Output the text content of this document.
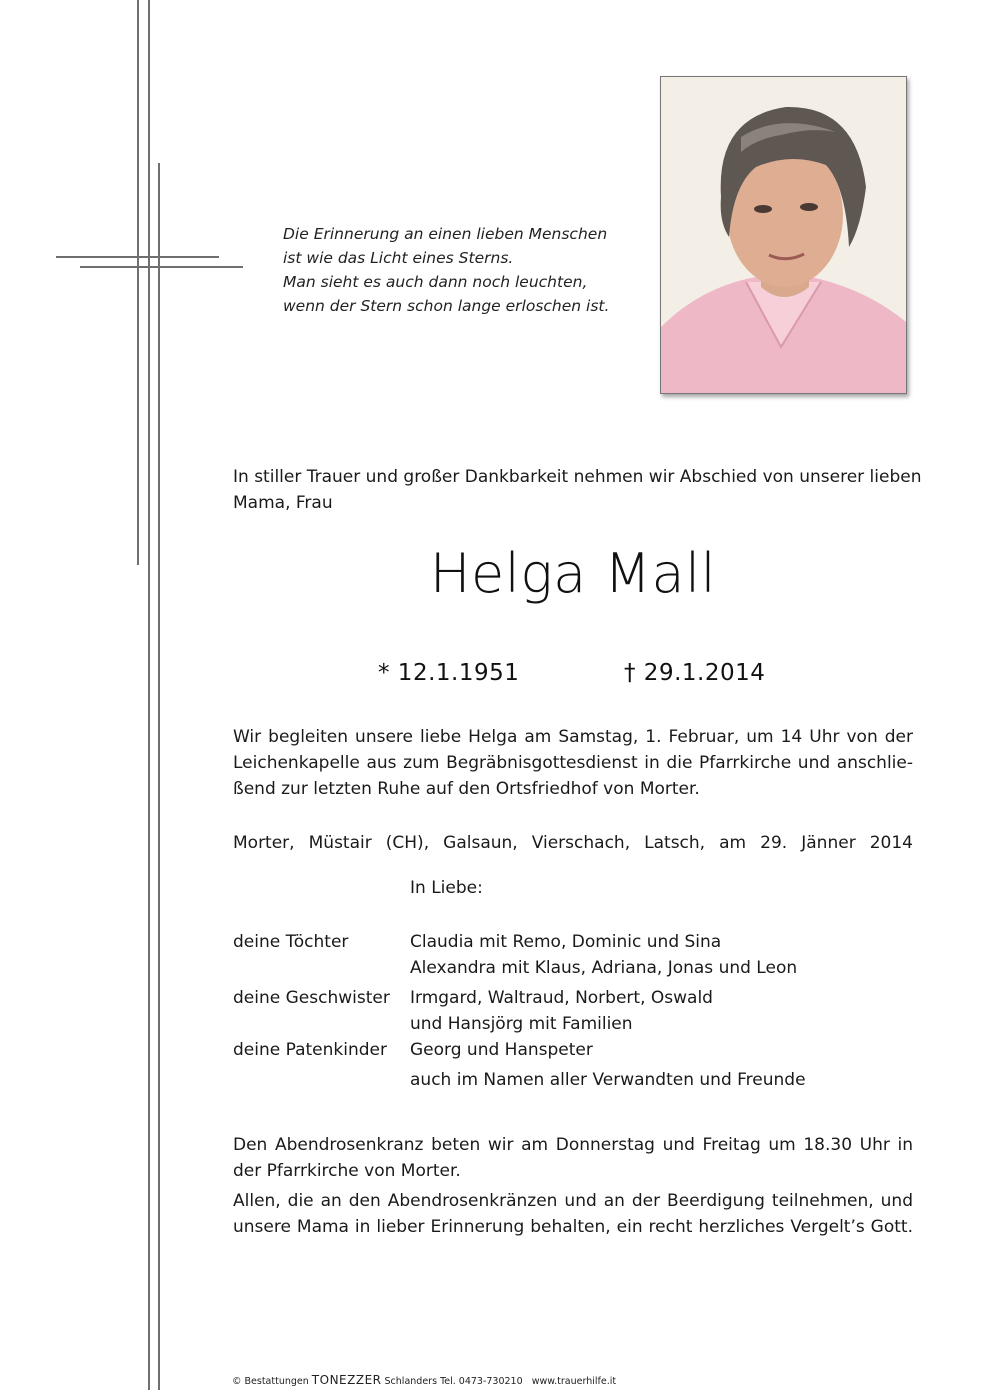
Die Erinnerung an einen lieben Menschen
ist wie das Licht eines Sterns.
Man sieht es auch dann noch leuchten,
wenn der Stern schon lange erloschen ist.
In stiller Trauer und großer Dankbarkeit nehmen wir Abschied von unserer lieben
Mama, Frau
Helga Mall
* 12.1.1951	† 29.1.2014
Wir begleiten unsere liebe Helga am Samstag, 1. Februar, um 14 Uhr von der
Leichenkapelle aus zum Begräbnisgottesdienst in die Pfarrkirche und anschlie-
ßend zur letzten Ruhe auf den Ortsfriedhof von Morter.
Morter, Müstair (CH), Galsaun, Vierschach, Latsch, am 29. Jänner 2014
In Liebe:
deine Töchter	Claudia mit Remo, Dominic und Sina
Alexandra mit Klaus, Adriana, Jonas und Leon
deine Geschwister Irmgard, Waltraud, Norbert, Oswald
und Hansjörg mit Familien
deine Patenkinder Georg und Hanspeter
auch im Namen aller Verwandten und Freunde
Den Abendrosenkranz beten wir am Donnerstag und Freitag um 18.30 Uhr in
der Pfarrkirche von Morter.
Allen, die an den Abendrosenkränzen und an der Beerdigung teilnehmen, und
unsere Mama in lieber Erinnerung behalten, ein recht herzliches Vergelt’s Gott.
© Bestattungen TONEZZER Schlanders Tel. 0473-730210 www.trauerhilfe.it
